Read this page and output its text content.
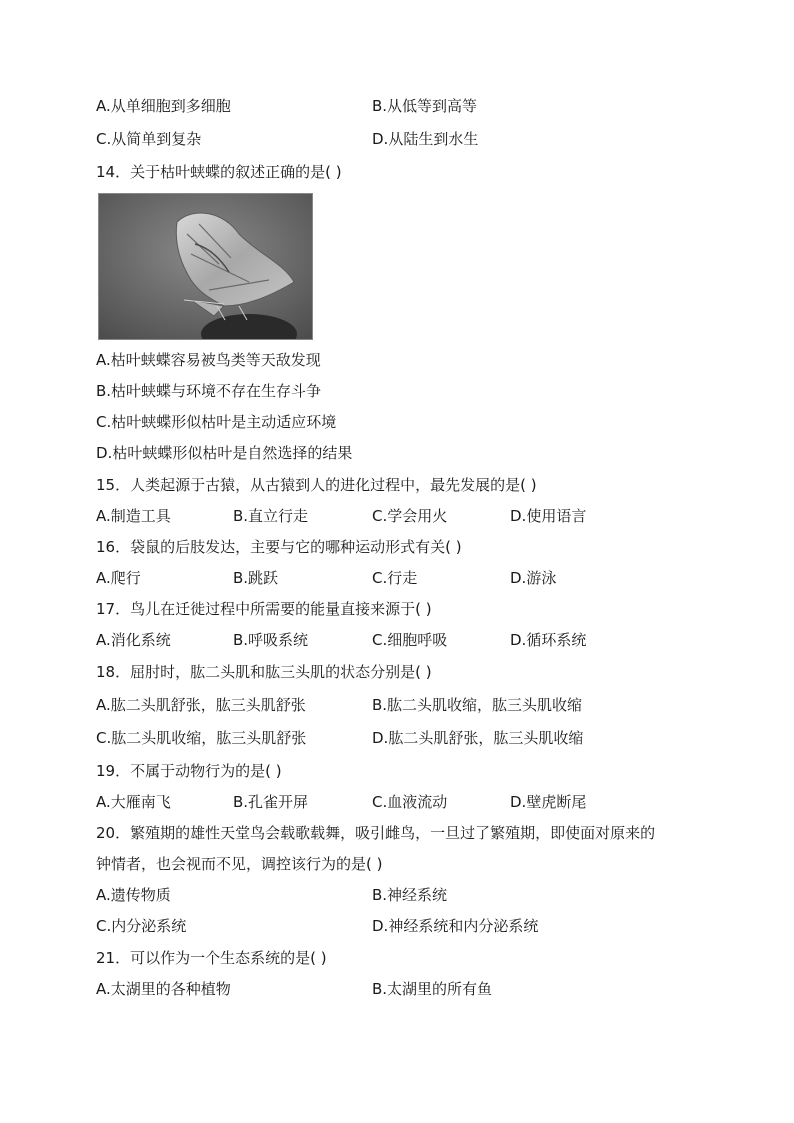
A.从单细胞到多细胞	B.从低等到高等
C.从简单到复杂	D.从陆生到水生
14．关于枯叶蛱蝶的叙述正确的是( )
A.枯叶蛱蝶容易被鸟类等天敌发现
B.枯叶蛱蝶与环境不存在生存斗争
C.枯叶蛱蝶形似枯叶是主动适应环境
D.枯叶蛱蝶形似枯叶是自然选择的结果
15．人类起源于古猿，从古猿到人的进化过程中，最先发展的是( )
A.制造工具	B.直立行走	C.学会用火	D.使用语言
16．袋鼠的后肢发达，主要与它的哪种运动形式有关( )
A.爬行	B.跳跃	C.行走	D.游泳
17．鸟儿在迁徙过程中所需要的能量直接来源于( )
A.消化系统	B.呼吸系统	C.细胞呼吸	D.循环系统
18．屈肘时，肱二头肌和肱三头肌的状态分别是( )
A.肱二头肌舒张，肱三头肌舒张	B.肱二头肌收缩，肱三头肌收缩
C.肱二头肌收缩，肱三头肌舒张	D.肱二头肌舒张，肱三头肌收缩
19．不属于动物行为的是( )
A.大雁南飞	B.孔雀开屏	C.血液流动	D.壁虎断尾
20．繁殖期的雄性天堂鸟会载歌载舞，吸引雌鸟，一旦过了繁殖期，即使面对原来的
钟情者，也会视而不见，调控该行为的是( )
A.遗传物质	B.神经系统
C.内分泌系统	D.神经系统和内分泌系统
21．可以作为一个生态系统的是( )
A.太湖里的各种植物	B.太湖里的所有鱼
